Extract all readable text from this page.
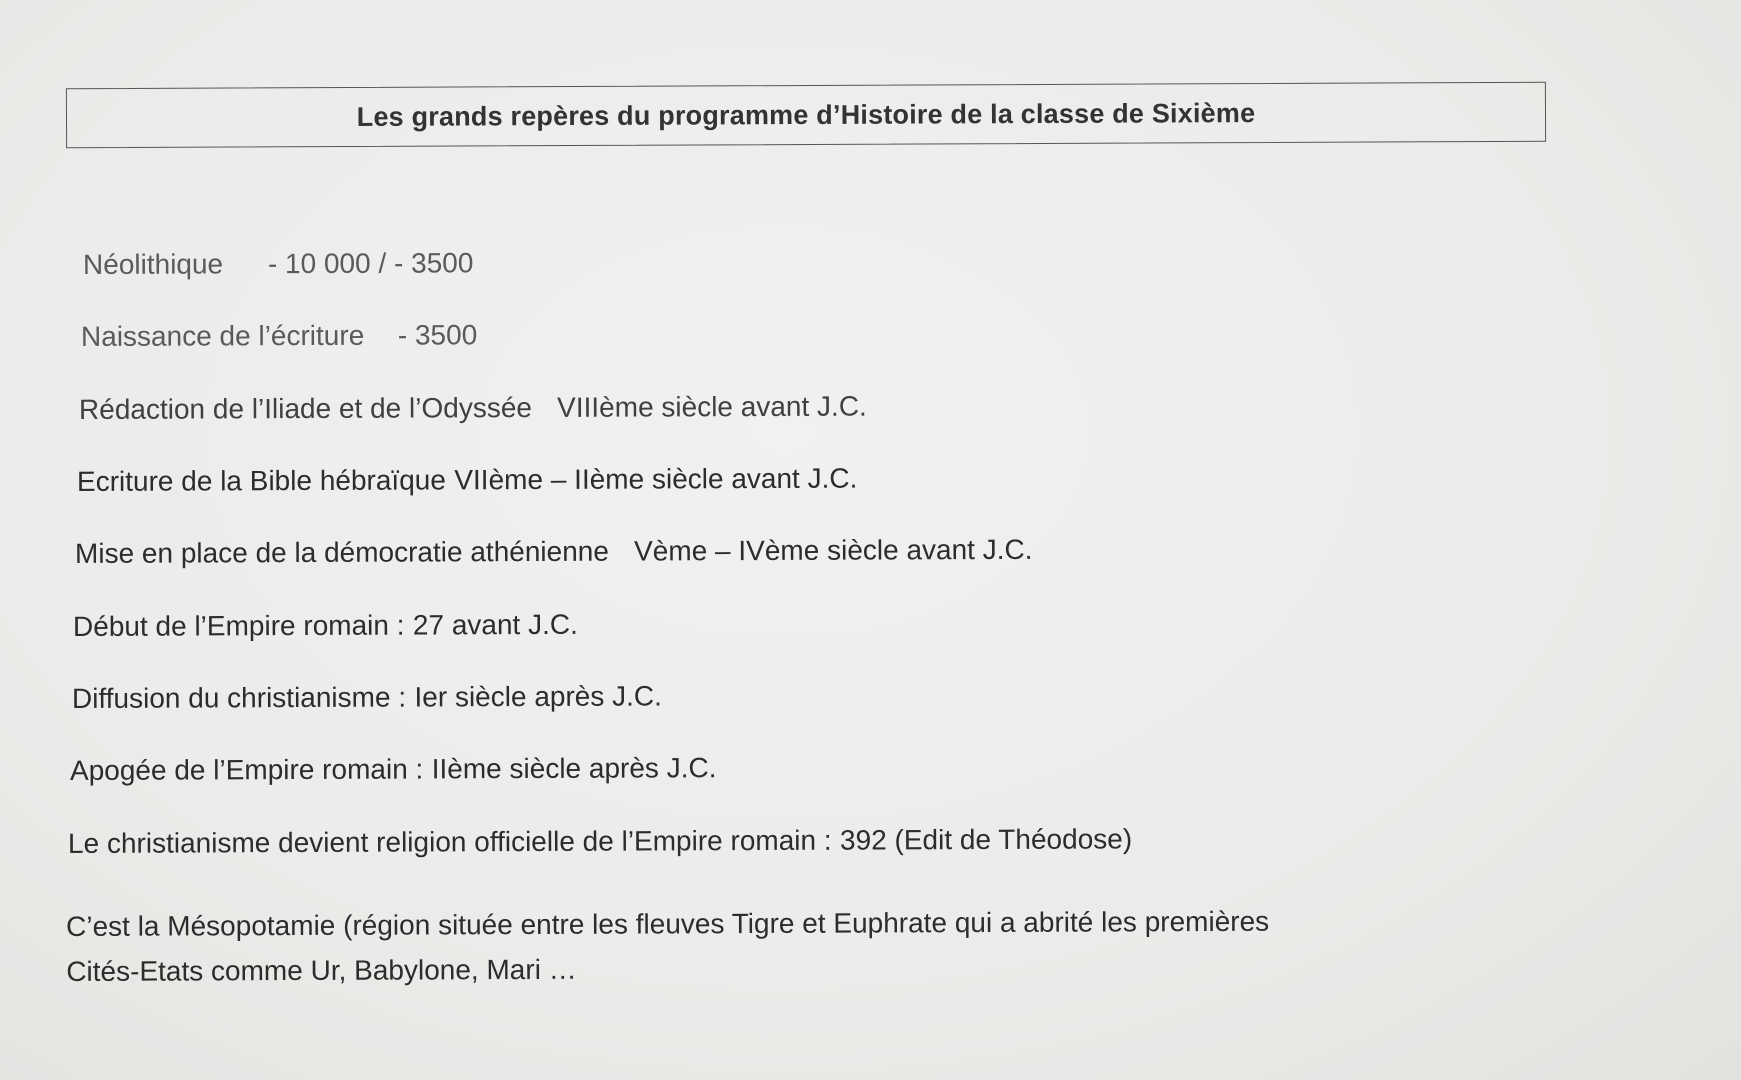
Les grands repères du programme d’Histoire de la classe de Sixième
Néolithique - 10 000 / - 3500
Naissance de l’écriture - 3500
Rédaction de l’Iliade et de l’Odyssée VIIIème siècle avant J.C.
Ecriture de la Bible hébraïque VIIème – IIème siècle avant J.C.
Mise en place de la démocratie athénienne Vème – IVème siècle avant J.C.
Début de l’Empire romain : 27 avant J.C.
Diffusion du christianisme : Ier siècle après J.C.
Apogée de l’Empire romain : IIème siècle après J.C.
Le christianisme devient religion officielle de l’Empire romain : 392 (Edit de Théodose)
C’est la Mésopotamie (région située entre les fleuves Tigre et Euphrate qui a abrité les premières
Cités-Etats comme Ur, Babylone, Mari …
